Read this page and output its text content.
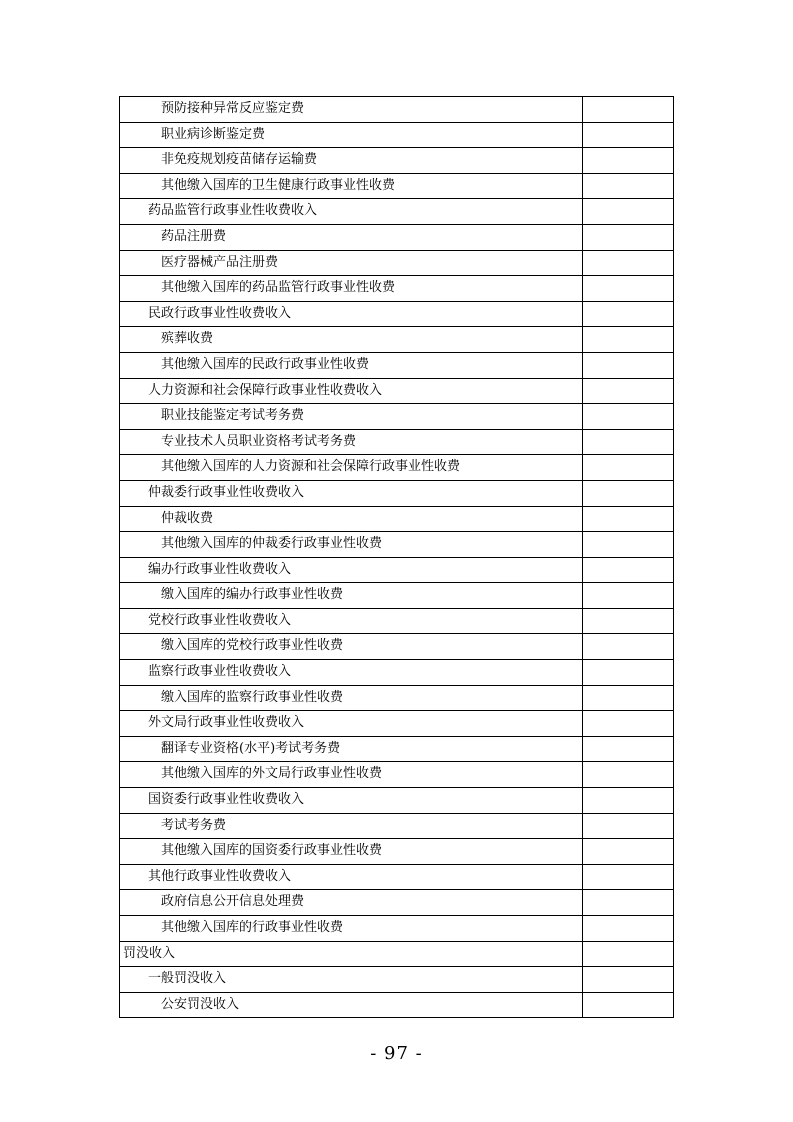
预防接种异常反应鉴定费	
职业病诊断鉴定费	
非免疫规划疫苗储存运输费	
其他缴入国库的卫生健康行政事业性收费	
药品监管行政事业性收费收入	
药品注册费	
医疗器械产品注册费	
其他缴入国库的药品监管行政事业性收费	
民政行政事业性收费收入	
殡葬收费	
其他缴入国库的民政行政事业性收费	
人力资源和社会保障行政事业性收费收入	
职业技能鉴定考试考务费	
专业技术人员职业资格考试考务费	
其他缴入国库的人力资源和社会保障行政事业性收费	
仲裁委行政事业性收费收入	
仲裁收费	
其他缴入国库的仲裁委行政事业性收费	
编办行政事业性收费收入	
缴入国库的编办行政事业性收费	
党校行政事业性收费收入	
缴入国库的党校行政事业性收费	
监察行政事业性收费收入	
缴入国库的监察行政事业性收费	
外文局行政事业性收费收入	
翻译专业资格(水平)考试考务费	
其他缴入国库的外文局行政事业性收费	
国资委行政事业性收费收入	
考试考务费	
其他缴入国库的国资委行政事业性收费	
其他行政事业性收费收入	
政府信息公开信息处理费	
其他缴入国库的行政事业性收费	
罚没收入	
一般罚没收入	
公安罚没收入	
- 97 -
